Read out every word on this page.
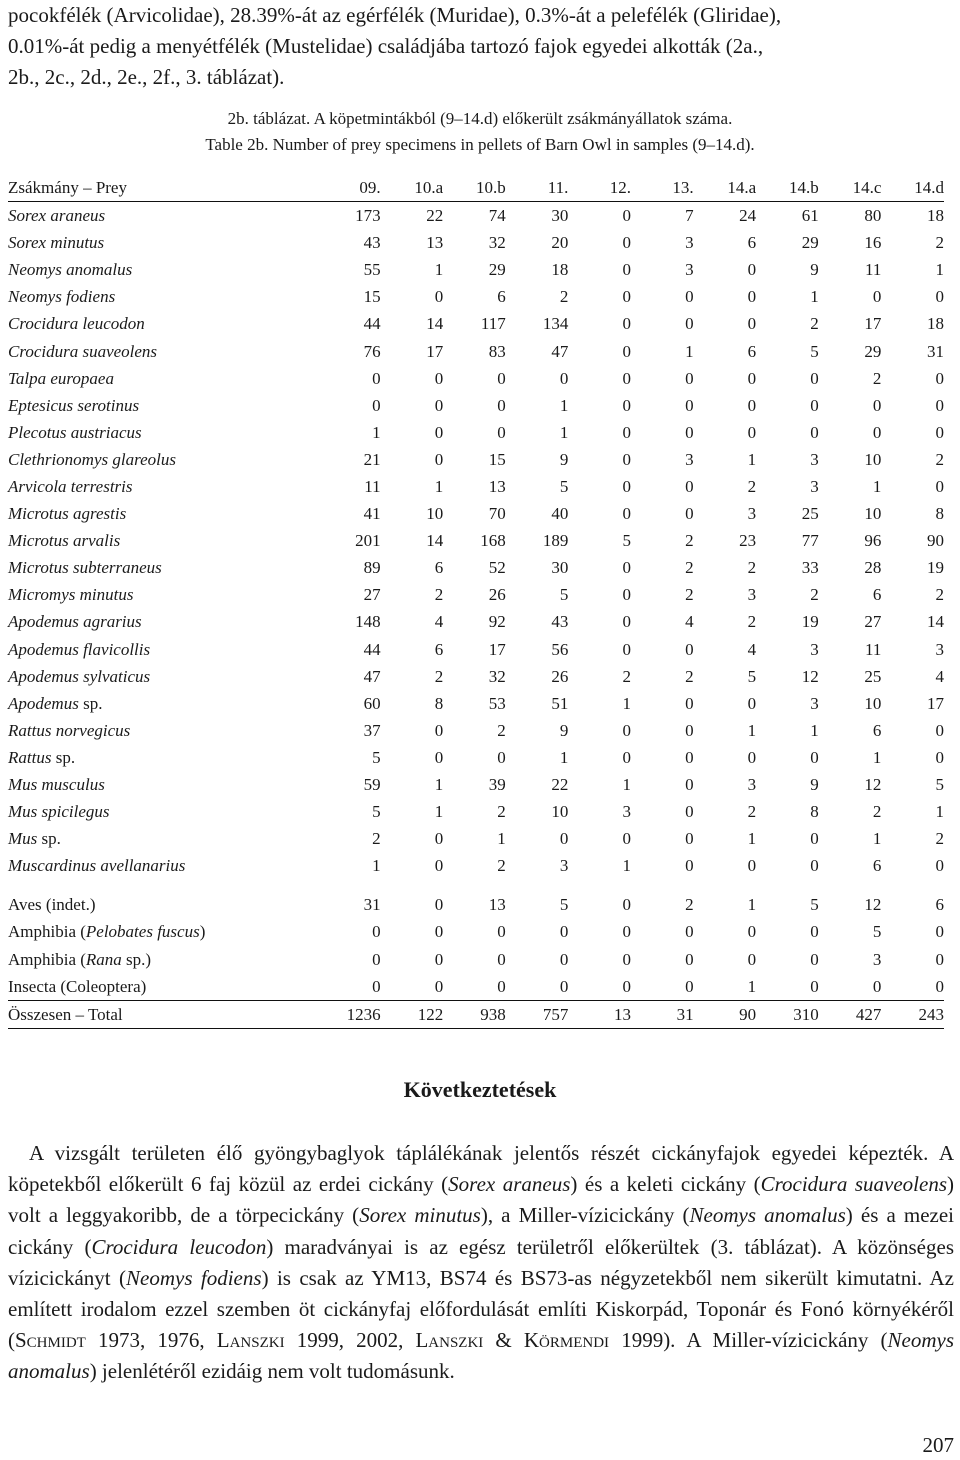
pocokfélék (Arvicolidae), 28.39%-át az egérfélék (Muridae), 0.3%-át a pelefélék (Gliridae),
0.01%-át pedig a menyétfélék (Mustelidae) családjába tartozó fajok egyedei alkották (2a.,
2b., 2c., 2d., 2e., 2f., 3. táblázat).
2b. táblázat. A köpetmintákból (9–14.d) előkerült zsákmányállatok száma.
Table 2b. Number of prey specimens in pellets of Barn Owl in samples (9–14.d).
Zsákmány – Prey	09.	10.a	10.b	11.	12.	13.	14.a	14.b	14.c	14.d
Sorex araneus	173	22	74	30	0	7	24	61	80	18
Sorex minutus	43	13	32	20	0	3	6	29	16	2
Neomys anomalus	55	1	29	18	0	3	0	9	11	1
Neomys fodiens	15	0	6	2	0	0	0	1	0	0
Crocidura leucodon	44	14	117	134	0	0	0	2	17	18
Crocidura suaveolens	76	17	83	47	0	1	6	5	29	31
Talpa europaea	0	0	0	0	0	0	0	0	2	0
Eptesicus serotinus	0	0	0	1	0	0	0	0	0	0
Plecotus austriacus	1	0	0	1	0	0	0	0	0	0
Clethrionomys glareolus	21	0	15	9	0	3	1	3	10	2
Arvicola terrestris	11	1	13	5	0	0	2	3	1	0
Microtus agrestis	41	10	70	40	0	0	3	25	10	8
Microtus arvalis	201	14	168	189	5	2	23	77	96	90
Microtus subterraneus	89	6	52	30	0	2	2	33	28	19
Micromys minutus	27	2	26	5	0	2	3	2	6	2
Apodemus agrarius	148	4	92	43	0	4	2	19	27	14
Apodemus flavicollis	44	6	17	56	0	0	4	3	11	3
Apodemus sylvaticus	47	2	32	26	2	2	5	12	25	4
Apodemus sp.	60	8	53	51	1	0	0	3	10	17
Rattus norvegicus	37	0	2	9	0	0	1	1	6	0
Rattus sp.	5	0	0	1	0	0	0	0	1	0
Mus musculus	59	1	39	22	1	0	3	9	12	5
Mus spicilegus	5	1	2	10	3	0	2	8	2	1
Mus sp.	2	0	1	0	0	0	1	0	1	2
Muscardinus avellanarius	1	0	2	3	1	0	0	0	6	0
Aves (indet.)	31	0	13	5	0	2	1	5	12	6
Amphibia (Pelobates fuscus)	0	0	0	0	0	0	0	0	5	0
Amphibia (Rana sp.)	0	0	0	0	0	0	0	0	3	0
Insecta (Coleoptera)	0	0	0	0	0	0	1	0	0	0
Összesen – Total	1236	122	938	757	13	31	90	310	427	243
Következtetések

A vizsgált területen élő gyöngybaglyok táplálékának jelentős részét cickányfajok egyedei képezték. A köpetekből előkerült 6 faj közül az erdei cickány (Sorex araneus) és a keleti cickány (Crocidura suaveolens) volt a leggyakoribb, de a törpecickány (Sorex minutus), a Miller-vízicickány (Neomys anomalus) és a mezei cickány (Crocidura leucodon) maradványai is az egész területről előkerültek (3. táblázat). A közönséges vízicickányt (Neomys fodiens) is csak az YM13, BS74 és BS73-as négyzetekből nem sikerült kimutatni. Az említett irodalom ezzel szemben öt cickányfaj előfordulását említi Kiskorpád, Toponár és Fonó környékéről (Schmidt 1973, 1976, Lanszki 1999, 2002, Lanszki & Körmendi 1999). A Miller-vízicickány (Neomys anomalus) jelenlétéről ezidáig nem volt tudomásunk.

207
